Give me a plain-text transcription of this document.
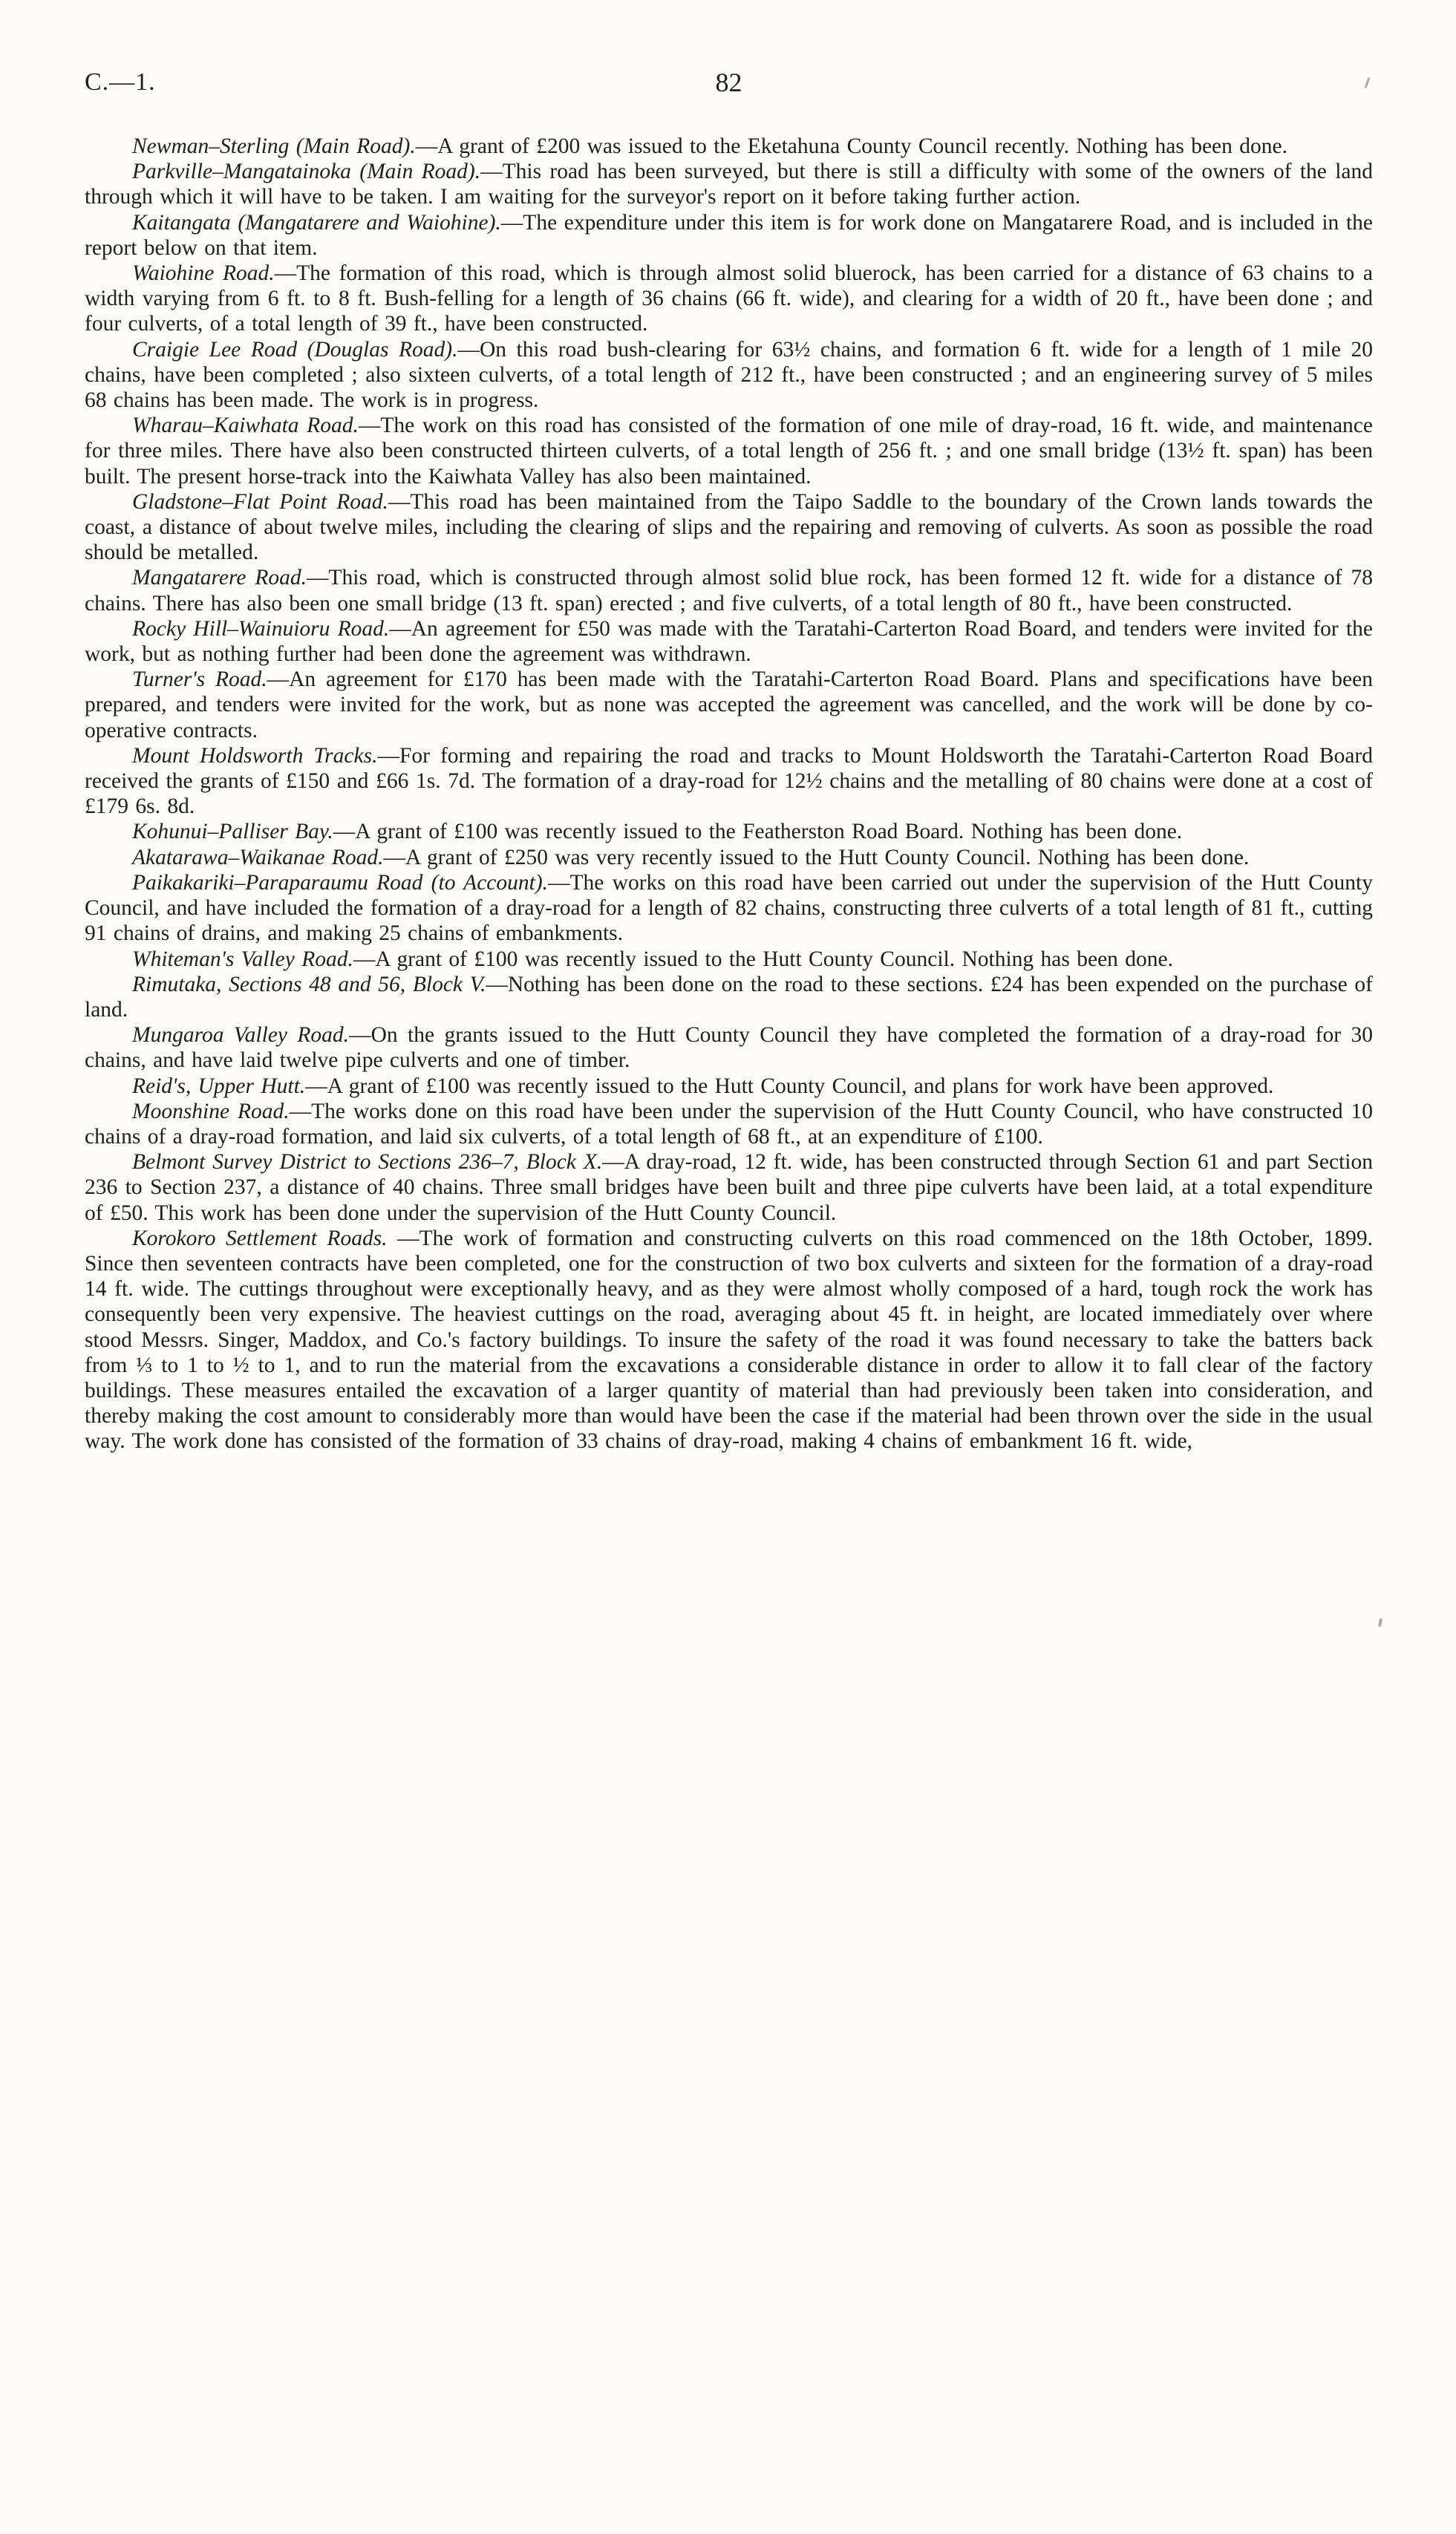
C.—1.	82

Newman–Sterling (Main Road).—A grant of £200 was issued to the Eketahuna County Council recently. Nothing has been done.

Parkville–Mangatainoka (Main Road).—This road has been surveyed, but there is still a difficulty with some of the owners of the land through which it will have to be taken. I am waiting for the surveyor's report on it before taking further action.

Kaitangata (Mangatarere and Waiohine).—The expenditure under this item is for work done on Mangatarere Road, and is included in the report below on that item.

Waiohine Road.—The formation of this road, which is through almost solid bluerock, has been carried for a distance of 63 chains to a width varying from 6 ft. to 8 ft. Bush-felling for a length of 36 chains (66 ft. wide), and clearing for a width of 20 ft., have been done ; and four culverts, of a total length of 39 ft., have been constructed.

Craigie Lee Road (Douglas Road).—On this road bush-clearing for 63½ chains, and formation 6 ft. wide for a length of 1 mile 20 chains, have been completed ; also sixteen culverts, of a total length of 212 ft., have been constructed ; and an engineering survey of 5 miles 68 chains has been made. The work is in progress.

Wharau–Kaiwhata Road.—The work on this road has consisted of the formation of one mile of dray-road, 16 ft. wide, and maintenance for three miles. There have also been constructed thirteen culverts, of a total length of 256 ft. ; and one small bridge (13½ ft. span) has been built. The present horse-track into the Kaiwhata Valley has also been maintained.

Gladstone–Flat Point Road.—This road has been maintained from the Taipo Saddle to the boundary of the Crown lands towards the coast, a distance of about twelve miles, including the clearing of slips and the repairing and removing of culverts. As soon as possible the road should be metalled.

Mangatarere Road.—This road, which is constructed through almost solid blue rock, has been formed 12 ft. wide for a distance of 78 chains. There has also been one small bridge (13 ft. span) erected ; and five culverts, of a total length of 80 ft., have been constructed.

Rocky Hill–Wainuioru Road.—An agreement for £50 was made with the Taratahi-Carterton Road Board, and tenders were invited for the work, but as nothing further had been done the agreement was withdrawn.

Turner's Road.—An agreement for £170 has been made with the Taratahi-Carterton Road Board. Plans and specifications have been prepared, and tenders were invited for the work, but as none was accepted the agreement was cancelled, and the work will be done by co-operative contracts.

Mount Holdsworth Tracks.—For forming and repairing the road and tracks to Mount Holdsworth the Taratahi-Carterton Road Board received the grants of £150 and £66 1s. 7d. The formation of a dray-road for 12½ chains and the metalling of 80 chains were done at a cost of £179 6s. 8d.

Kohunui–Palliser Bay.—A grant of £100 was recently issued to the Featherston Road Board. Nothing has been done.

Akatarawa–Waikanae Road.—A grant of £250 was very recently issued to the Hutt County Council. Nothing has been done.

Paikakariki–Paraparaumu Road (to Account).—The works on this road have been carried out under the supervision of the Hutt County Council, and have included the formation of a dray-road for a length of 82 chains, constructing three culverts of a total length of 81 ft., cutting 91 chains of drains, and making 25 chains of embankments.

Whiteman's Valley Road.—A grant of £100 was recently issued to the Hutt County Council. Nothing has been done.

Rimutaka, Sections 48 and 56, Block V.—Nothing has been done on the road to these sections. £24 has been expended on the purchase of land.

Mungaroa Valley Road.—On the grants issued to the Hutt County Council they have completed the formation of a dray-road for 30 chains, and have laid twelve pipe culverts and one of timber.

Reid's, Upper Hutt.—A grant of £100 was recently issued to the Hutt County Council, and plans for work have been approved.

Moonshine Road.—The works done on this road have been under the supervision of the Hutt County Council, who have constructed 10 chains of a dray-road formation, and laid six culverts, of a total length of 68 ft., at an expenditure of £100.

Belmont Survey District to Sections 236–7, Block X.—A dray-road, 12 ft. wide, has been constructed through Section 61 and part Section 236 to Section 237, a distance of 40 chains. Three small bridges have been built and three pipe culverts have been laid, at a total expenditure of £50. This work has been done under the supervision of the Hutt County Council.

Korokoro Settlement Roads. —The work of formation and constructing culverts on this road commenced on the 18th October, 1899. Since then seventeen contracts have been completed, one for the construction of two box culverts and sixteen for the formation of a dray-road 14 ft. wide. The cuttings throughout were exceptionally heavy, and as they were almost wholly composed of a hard, tough rock the work has consequently been very expensive. The heaviest cuttings on the road, averaging about 45 ft. in height, are located immediately over where stood Messrs. Singer, Maddox, and Co.'s factory buildings. To insure the safety of the road it was found necessary to take the batters back from ⅓ to 1 to ½ to 1, and to run the material from the excavations a considerable distance in order to allow it to fall clear of the factory buildings. These measures entailed the excavation of a larger quantity of material than had previously been taken into consideration, and thereby making the cost amount to considerably more than would have been the case if the material had been thrown over the side in the usual way. The work done has consisted of the formation of 33 chains of dray-road, making 4 chains of embankment 16 ft. wide,
